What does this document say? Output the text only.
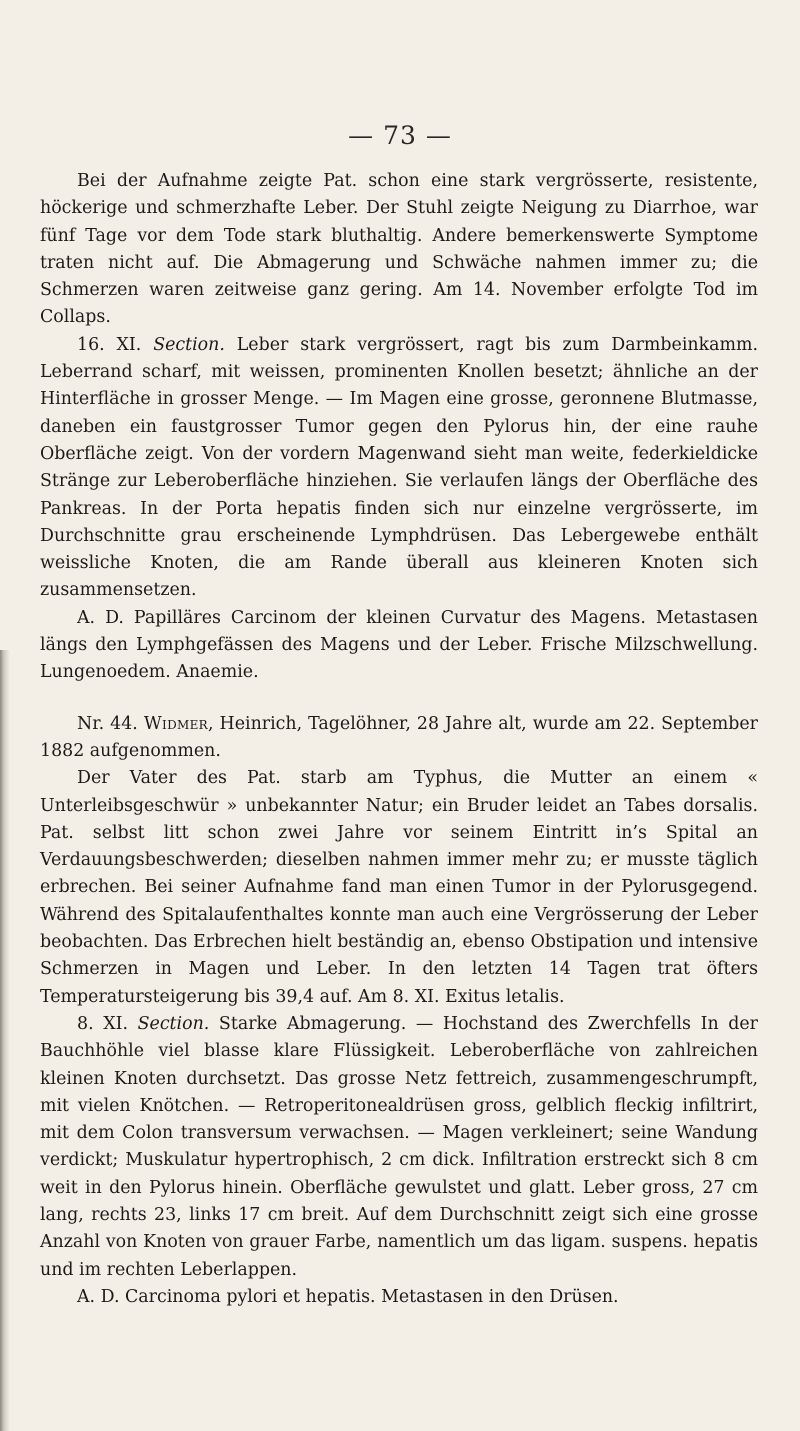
— 73 —

Bei der Aufnahme zeigte Pat. schon eine stark vergrösserte, resistente, höckerige und schmerzhafte Leber. Der Stuhl zeigte Neigung zu Diarrhoe, war fünf Tage vor dem Tode stark bluthaltig. Andere bemerkenswerte Symptome traten nicht auf. Die Abmagerung und Schwäche nahmen immer zu; die Schmerzen waren zeitweise ganz gering. Am 14. November erfolgte Tod im Collaps.

16. XI. Section. Leber stark vergrössert, ragt bis zum Darmbeinkamm. Leberrand scharf, mit weissen, prominenten Knollen besetzt; ähnliche an der Hinterfläche in grosser Menge. — Im Magen eine grosse, geronnene Blutmasse, daneben ein faustgrosser Tumor gegen den Pylorus hin, der eine rauhe Oberfläche zeigt. Von der vordern Magenwand sieht man weite, federkieldicke Stränge zur Leberoberfläche hinziehen. Sie verlaufen längs der Oberfläche des Pankreas. In der Porta hepatis finden sich nur einzelne vergrösserte, im Durchschnitte grau erscheinende Lymphdrüsen. Das Lebergewebe enthält weissliche Knoten, die am Rande überall aus kleineren Knoten sich zusammensetzen.

A. D. Papilläres Carcinom der kleinen Curvatur des Magens. Metastasen längs den Lymphgefässen des Magens und der Leber. Frische Milzschwellung. Lungenoedem. Anaemie.

Nr. 44. Widmer, Heinrich, Tagelöhner, 28 Jahre alt, wurde am 22. September 1882 aufgenommen.

Der Vater des Pat. starb am Typhus, die Mutter an einem « Unterleibsgeschwür » unbekannter Natur; ein Bruder leidet an Tabes dorsalis. Pat. selbst litt schon zwei Jahre vor seinem Eintritt in’s Spital an Verdauungsbeschwerden; dieselben nahmen immer mehr zu; er musste täglich erbrechen. Bei seiner Aufnahme fand man einen Tumor in der Pylorusgegend. Während des Spitalaufenthaltes konnte man auch eine Vergrösserung der Leber beobachten. Das Erbrechen hielt beständig an, ebenso Obstipation und intensive Schmerzen in Magen und Leber. In den letzten 14 Tagen trat öfters Temperatursteigerung bis 39,4 auf. Am 8. XI. Exitus letalis.

8. XI. Section. Starke Abmagerung. — Hochstand des Zwerchfells In der Bauchhöhle viel blasse klare Flüssigkeit. Leberoberfläche von zahlreichen kleinen Knoten durchsetzt. Das grosse Netz fettreich, zusammengeschrumpft, mit vielen Knötchen. — Retroperitonealdrüsen gross, gelblich fleckig infiltrirt, mit dem Colon transversum verwachsen. — Magen verkleinert; seine Wandung verdickt; Muskulatur hypertrophisch, 2 cm dick. Infiltration erstreckt sich 8 cm weit in den Pylorus hinein. Oberfläche gewulstet und glatt. Leber gross, 27 cm lang, rechts 23, links 17 cm breit. Auf dem Durchschnitt zeigt sich eine grosse Anzahl von Knoten von grauer Farbe, namentlich um das ligam. suspens. hepatis und im rechten Leberlappen.

A. D. Carcinoma pylori et hepatis. Metastasen in den Drüsen.
